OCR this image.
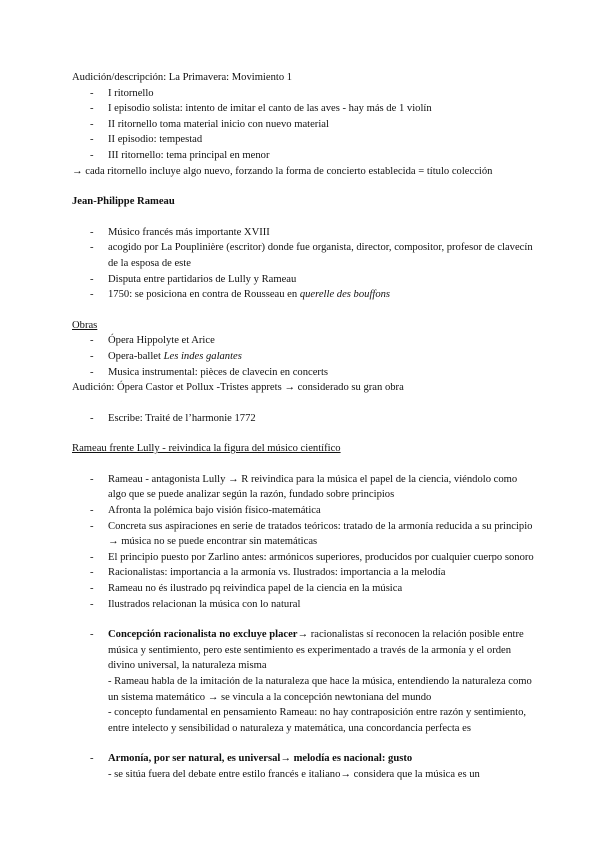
Audición/descripción: La Primavera: Movimiento 1
- I ritornello
- I episodio solista: intento de imitar el canto de las aves - hay más de 1 violín
- II ritornello toma material inicio con nuevo material
- II episodio: tempestad
- III ritornello: tema principal en menor
→ cada ritornello incluye algo nuevo, forzando la forma de concierto establecida = título colección
Jean-Philippe Rameau
- Músico francés más importante XVIII
- acogido por La Pouplinière (escritor) donde fue organista, director, compositor, profesor de clavecín de la esposa de este
- Disputa entre partidarios de Lully y Rameau
- 1750: se posiciona en contra de Rousseau en querelle des bouffons
Obras
- Ópera Hippolyte et Arice
- Opera-ballet Les indes galantes
- Musica instrumental: pièces de clavecin en concerts
Audición: Ópera Castor et Pollux -Tristes apprets → considerado su gran obra
- Escribe: Traité de l’harmonie 1772
Rameau frente Lully - reivindica la figura del músico científico
- Rameau - antagonista Lully → R reivindica para la música el papel de la ciencia, viéndolo como algo que se puede analizar según la razón, fundado sobre principios
- Afronta la polémica bajo visión físico-matemática
- Concreta sus aspiraciones en serie de tratados teóricos: tratado de la armonía reducida a su principio → música no se puede encontrar sin matemáticas
- El principio puesto por Zarlino antes: armónicos superiores, producidos por cualquier cuerpo sonoro
- Racionalistas: importancia a la armonía vs. Ilustrados: importancia a la melodía
- Rameau no és ilustrado pq reivindica papel de la ciencia en la música
- Ilustrados relacionan la música con lo natural
- Concepción racionalista no excluye placer→ racionalistas sí reconocen la relación posible entre música y sentimiento, pero este sentimiento es experimentado a través de la armonía y el orden divino universal, la naturaleza misma
- Rameau habla de la imitación de la naturaleza que hace la música, entendiendo la naturaleza como un sistema matemático → se vincula a la concepción newtoniana del mundo
- concepto fundamental en pensamiento Rameau: no hay contraposición entre razón y sentimiento, entre intelecto y sensibilidad o naturaleza y matemática, una concordancia perfecta es
- Armonía, por ser natural, es universal→ melodía es nacional: gusto
- se sitúa fuera del debate entre estilo francés e italiano→ considera que la música es un
